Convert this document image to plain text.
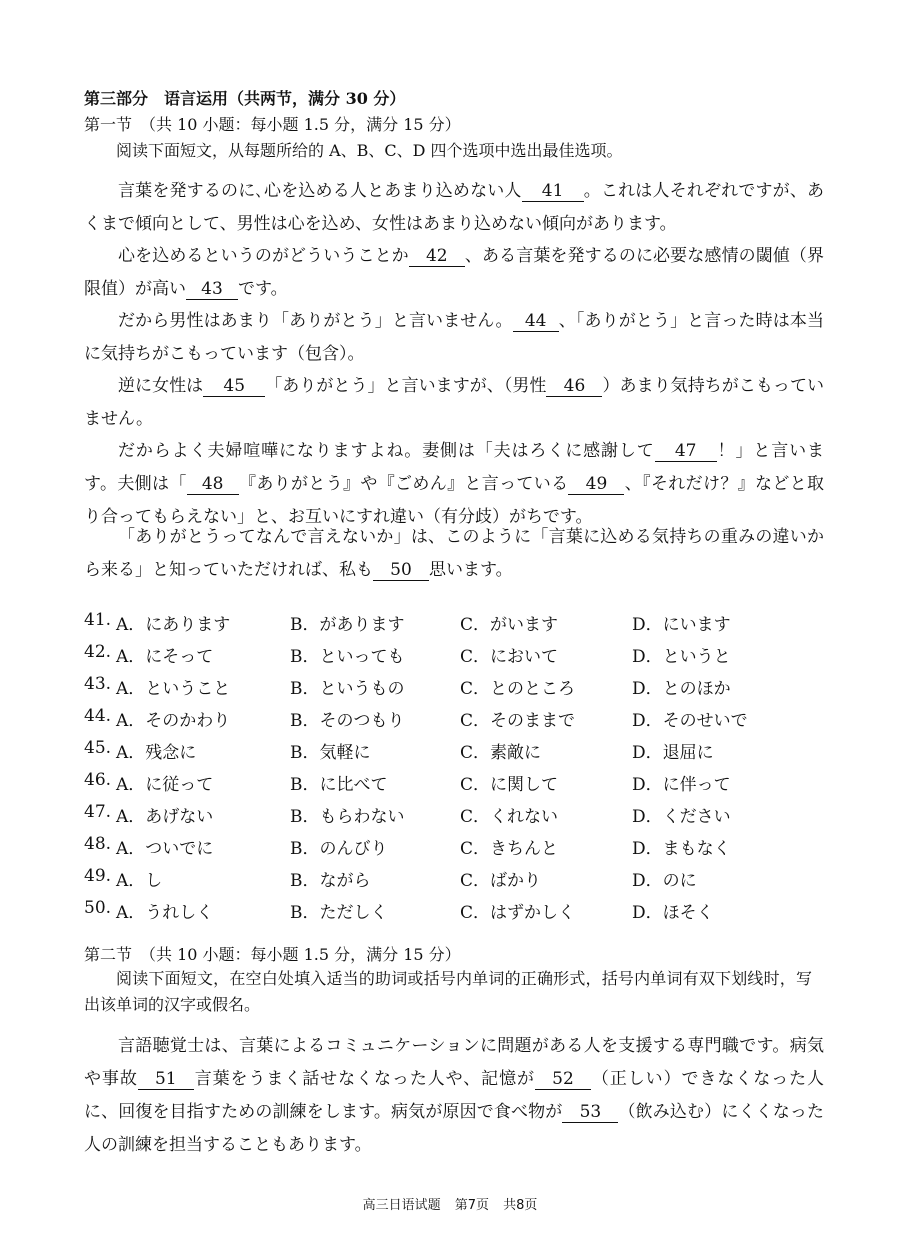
第三部分　语言运用（共两节，满分 30 分）
第一节　（共 10 小题：每小题 1.5 分，满分 15 分）
阅读下面短文，从每题所给的 A、B、C、D 四个选项中选出最佳选项。
言葉を発するのに､心を込める人とあまり込めない人 41 。これは人それぞれですが、あくまで傾向として、男性は心を込め、女性はあまり込めない傾向があります。
心を込めるというのがどういうことか 42 、ある言葉を発するのに必要な感情の閾値（界限值）が高い 43 です。
だから男性はあまり「ありがとう」と言いません。 44 、「ありがとう」と言った時は本当に気持ちがこもっています（包含）。
逆に女性は 45 「ありがとう」と言いますが、（男性 46 ）あまり気持ちがこもっていません。
だからよく夫婦喧嘩になりますよね。妻側は「夫はろくに感謝して 47 ！」と言います。夫側は「 48 『ありがとう』や『ごめん』と言っている 49 、『それだけ？』などと取り合ってもらえない」と、お互いにすれ違い（有分歧）がちです。
「ありがとうってなんで言えないか」は、このように「言葉に込める気持ちの重みの違いから来る」と知っていただければ、私も 50 思います。
41. A．にあります	B．があります	C．がいます	D．にいます
42. A．にそって	B．といっても	C．において	D．というと
43. A．ということ	B．というもの	C．とのところ	D．とのほか
44. A．そのかわり	B．そのつもり	C．そのままで	D．そのせいで
45. A．残念に	B．気軽に	C．素敵に	D．退屈に
46. A．に従って	B．に比べて	C．に関して	D．に伴って
47. A．あげない	B．もらわない	C．くれない	D．ください
48. A．ついでに	B．のんびり	C．きちんと	D．まもなく
49. A．し	B．ながら	C．ばかり	D．のに
50. A．うれしく	B．ただしく	C．はずかしく	D．ほそく
第二节　（共 10 小题：每小题 1.5 分，满分 15 分）
阅读下面短文，在空白处填入适当的助词或括号内单词的正确形式，括号内单词有双下划线时，写出该单词的汉字或假名。
言語聴覚士は、言葉によるコミュニケーションに問題がある人を支援する専門職です。病気や事故 51 言葉をうまく話せなくなった人や、記憶が 52 （正しい）できなくなった人に、回復を目指すための訓練をします。病気が原因で食べ物が 53 （飲み込む）にくくなった人の訓練を担当することもあります。
高三日语试题 第7页 共8页
